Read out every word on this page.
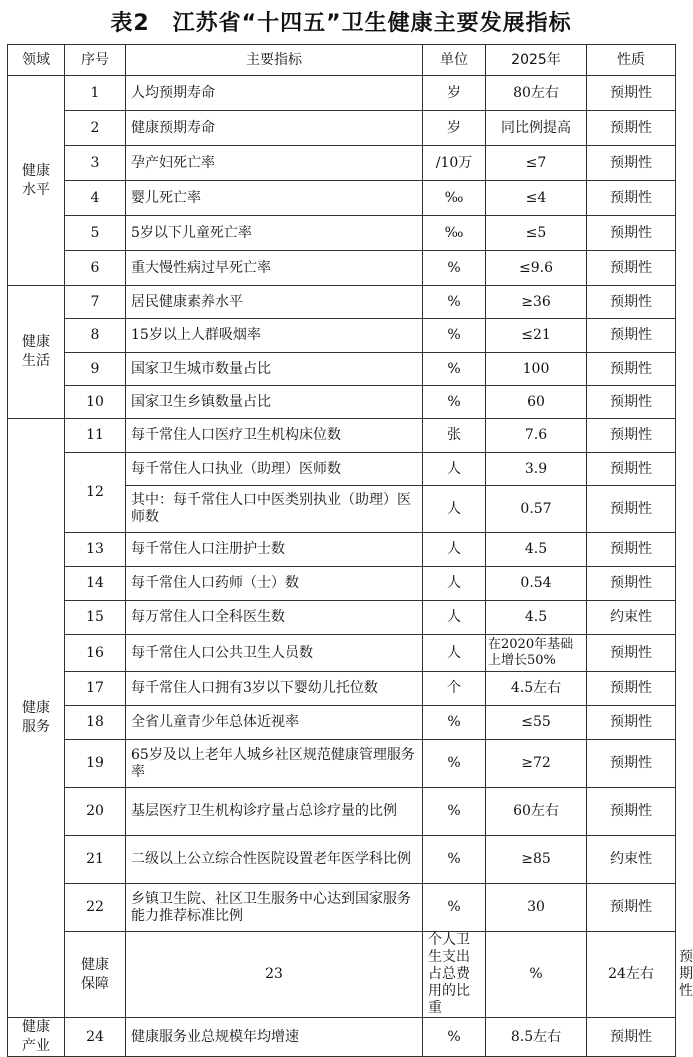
表2　江苏省“十四五”卫生健康主要发展指标
领域	序号	主要指标	单位	2025年	性质	
健康水平	1	人均预期寿命	岁	80左右	预期性	
	2	健康预期寿命	岁	同比例提高	预期性	
	3	孕产妇死亡率	/10万	≤7	预期性	
	4	婴儿死亡率	‰	≤4	预期性	
	5	5岁以下儿童死亡率	‰	≤5	预期性	
	6	重大慢性病过早死亡率	%	≤9.6	预期性	
健康生活	7	居民健康素养水平	%	≥36	预期性	
	8	15岁以上人群吸烟率	%	≤21	预期性	
	9	国家卫生城市数量占比	%	100	预期性	
	10	国家卫生乡镇数量占比	%	60	预期性	
健康服务	11	每千常住人口医疗卫生机构床位数	张	7.6	预期性	
	12	每千常住人口执业（助理）医师数	人	3.9	预期性	
		其中：每千常住人口中医类别执业（助理）医师数	人	0.57	预期性	
	13	每千常住人口注册护士数	人	4.5	预期性	
	14	每千常住人口药师（士）数	人	0.54	预期性	
	15	每万常住人口全科医生数	人	4.5	约束性	
	16	每千常住人口公共卫生人员数	人	在2020年基础上增长50%	预期性	
	17	每千常住人口拥有3岁以下婴幼儿托位数	个	4.5左右	预期性	
	18	全省儿童青少年总体近视率	%	≤55	预期性	
	19	65岁及以上老年人城乡社区规范健康管理服务率	%	≥72	预期性	
	20	基层医疗卫生机构诊疗量占总诊疗量的比例	%	60左右	预期性	
	21	二级以上公立综合性医院设置老年医学科比例	%	≥85	约束性	
	22	乡镇卫生院、社区卫生服务中心达到国家服务能力推荐标准比例	%	30	预期性	
	健康保障	23	个人卫生支出占总费用的比重	%	24左右	预期性
健康产业	24	健康服务业总规模年均增速	%	8.5左右	预期性	
